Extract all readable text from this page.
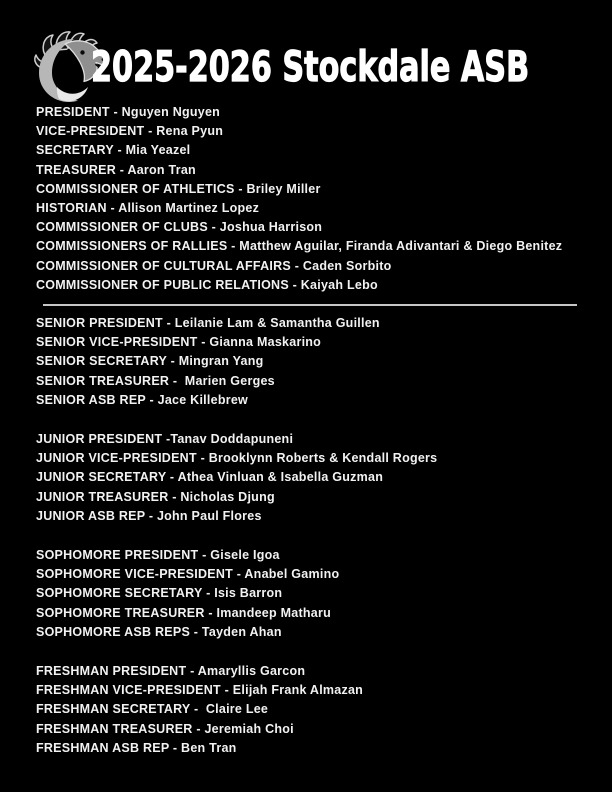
2025-2026 Stockdale ASB
PRESIDENT - Nguyen Nguyen
VICE-PRESIDENT - Rena Pyun
SECRETARY - Mia Yeazel
TREASURER - Aaron Tran
COMMISSIONER OF ATHLETICS - Briley Miller
HISTORIAN - Allison Martinez Lopez
COMMISSIONER OF CLUBS - Joshua Harrison
COMMISSIONERS OF RALLIES - Matthew Aguilar, Firanda Adivantari & Diego Benitez
COMMISSIONER OF CULTURAL AFFAIRS - Caden Sorbito
COMMISSIONER OF PUBLIC RELATIONS - Kaiyah Lebo
SENIOR PRESIDENT - Leilanie Lam & Samantha Guillen
SENIOR VICE-PRESIDENT - Gianna Maskarino
SENIOR SECRETARY - Mingran Yang
SENIOR TREASURER -  Marien Gerges
SENIOR ASB REP - Jace Killebrew
JUNIOR PRESIDENT -Tanav Doddapuneni
JUNIOR VICE-PRESIDENT - Brooklynn Roberts & Kendall Rogers
JUNIOR SECRETARY - Athea Vinluan & Isabella Guzman
JUNIOR TREASURER - Nicholas Djung
JUNIOR ASB REP - John Paul Flores
SOPHOMORE PRESIDENT - Gisele Igoa
SOPHOMORE VICE-PRESIDENT - Anabel Gamino
SOPHOMORE SECRETARY - Isis Barron
SOPHOMORE TREASURER - Imandeep Matharu
SOPHOMORE ASB REPS - Tayden Ahan
FRESHMAN PRESIDENT - Amaryllis Garcon
FRESHMAN VICE-PRESIDENT - Elijah Frank Almazan
FRESHMAN SECRETARY -  Claire Lee
FRESHMAN TREASURER - Jeremiah Choi
FRESHMAN ASB REP - Ben Tran
